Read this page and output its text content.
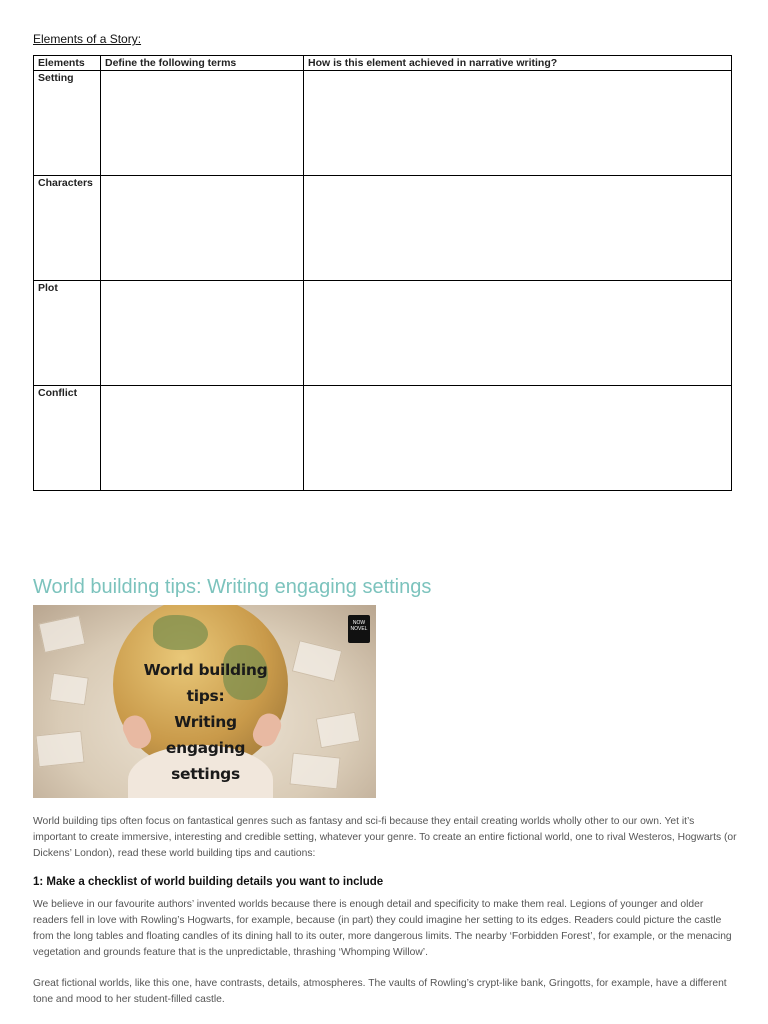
Elements of a Story:
Elements	Define the following terms	How is this element achieved in narrative writing?
Setting		
Characters		
Plot		
Conflict		
World building tips: Writing engaging settings
World building tips:
Writing engaging
settings
NOW
NOVEL

World building tips often focus on fantastical genres such as fantasy and sci-fi because they entail creating worlds wholly other to our own. Yet it’s important to create immersive, interesting and credible setting, whatever your genre. To create an entire fictional world, one to rival Westeros, Hogwarts (or Dickens’ London), read these world building tips and cautions:

1: Make a checklist of world building details you want to include

We believe in our favourite authors’ invented worlds because there is enough detail and specificity to make them real. Legions of younger and older readers fell in love with Rowling’s Hogwarts, for example, because (in part) they could imagine her setting to its edges. Readers could picture the castle from the long tables and floating candles of its dining hall to its outer, more dangerous limits. The nearby ‘Forbidden Forest’, for example, or the menacing vegetation and grounds feature that is the unpredictable, thrashing ‘Whomping Willow’.

Great fictional worlds, like this one, have contrasts, details, atmospheres. The vaults of Rowling’s crypt-like bank, Gringotts, for example, have a different tone and mood to her student-filled castle.
